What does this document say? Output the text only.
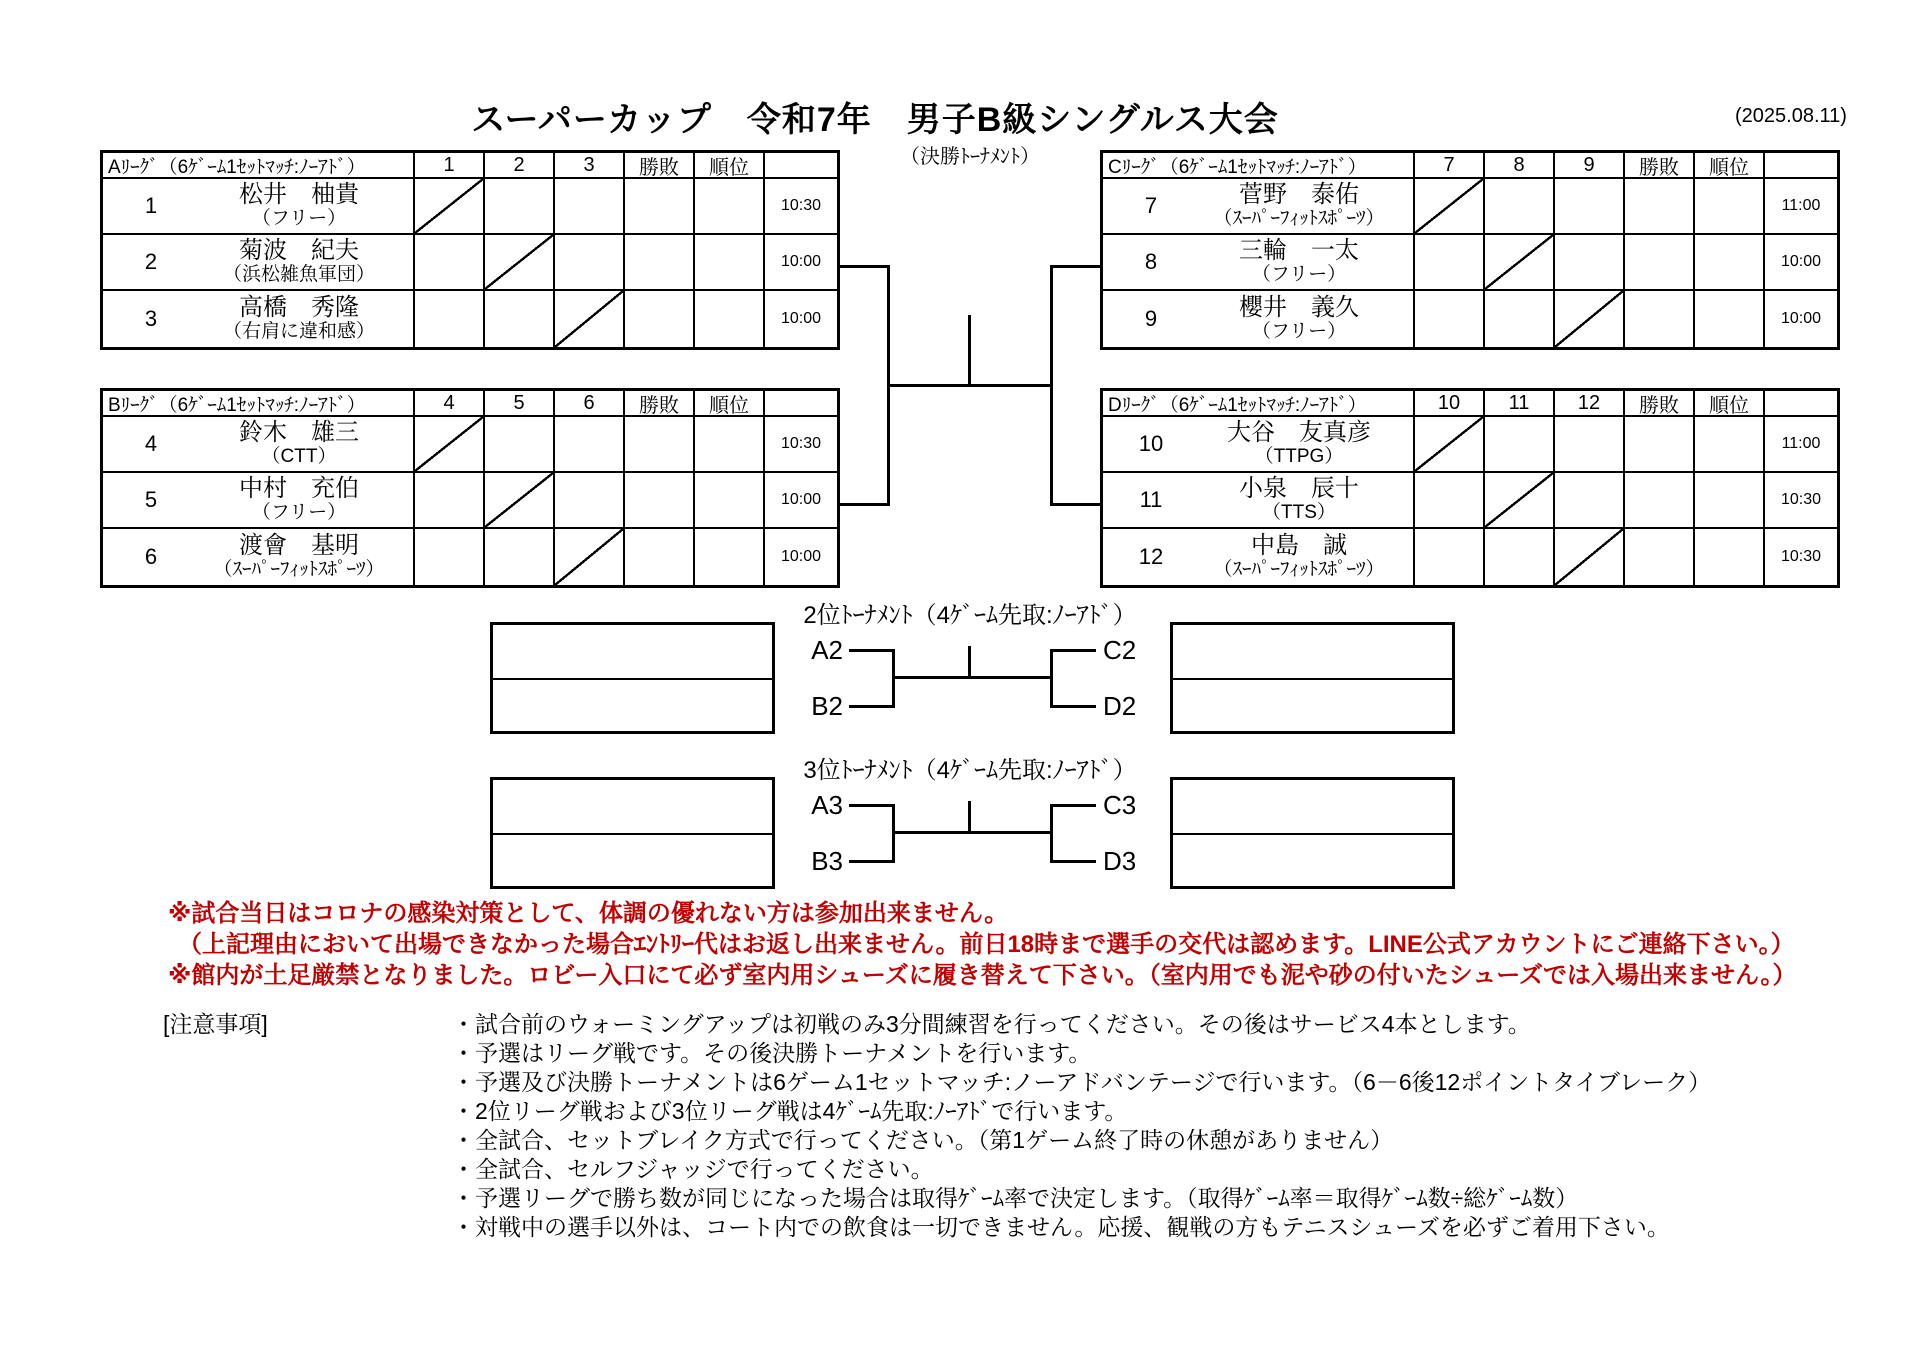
スーパーカップ　令和7年　男子B級シングルス大会	(2025.08.11)
（決勝ﾄｰﾅﾒﾝﾄ）
Aﾘｰｸﾞ（6ｹﾞｰﾑ1ｾｯﾄﾏｯﾁ:ﾉｰｱﾄﾞ）	1	2	3	勝敗	順位
1	松井　柚貴
（フリー）
10:30
2	菊波　紀夫
（浜松雑魚軍団）
10:00
3	高橋　秀隆
（右肩に違和感）
10:00
Bﾘｰｸﾞ（6ｹﾞｰﾑ1ｾｯﾄﾏｯﾁ:ﾉｰｱﾄﾞ）	4	5	6	勝敗	順位
4	鈴木　雄三
（CTT）
10:30
5	中村　充伯
（フリー）
10:00
6	渡會　基明
（ｽｰﾊﾟｰﾌｨｯﾄｽﾎﾟｰﾂ）
10:00
Cﾘｰｸﾞ（6ｹﾞｰﾑ1ｾｯﾄﾏｯﾁ:ﾉｰｱﾄﾞ）	7	8	9	勝敗	順位
7	菅野　泰佑
（ｽｰﾊﾟｰﾌｨｯﾄｽﾎﾟｰﾂ）
11:00
8	三輪　一太
（フリー）
10:00
9	櫻井　義久
（フリー）
10:00
Dﾘｰｸﾞ（6ｹﾞｰﾑ1ｾｯﾄﾏｯﾁ:ﾉｰｱﾄﾞ）	10	11	12	勝敗	順位
10	大谷　友真彦
（TTPG）
11:00
11	小泉　辰十
（TTS）
10:30
12	中島　誠
（ｽｰﾊﾟｰﾌｨｯﾄｽﾎﾟｰﾂ）
10:30
2位ﾄｰﾅﾒﾝﾄ（4ｹﾞｰﾑ先取:ﾉｰｱﾄﾞ）
A2
B2
C2
D2
3位ﾄｰﾅﾒﾝﾄ（4ｹﾞｰﾑ先取:ﾉｰｱﾄﾞ）
A3
B3
C3
D3
※試合当日はコロナの感染対策として、体調の優れない方は参加出来ません。
（上記理由において出場できなかった場合ｴﾝﾄﾘｰ代はお返し出来ません。前日18時まで選手の交代は認めます。LINE公式アカウントにご連絡下さい。）
※館内が土足厳禁となりました。ロビー入口にて必ず室内用シューズに履き替えて下さい。（室内用でも泥や砂の付いたシューズでは入場出来ません。）
[注意事項]	・試合前のウォーミングアップは初戦のみ3分間練習を行ってください。その後はサービス4本とします。
・予選はリーグ戦です。その後決勝トーナメントを行います。
・予選及び決勝トーナメントは6ゲーム1セットマッチ:ノーアドバンテージで行います。（6－6後12ポイントタイブレーク）
・2位リーグ戦および3位リーグ戦は4ｹﾞｰﾑ先取:ﾉｰｱﾄﾞで行います。
・全試合、セットブレイク方式で行ってください。（第1ゲーム終了時の休憩がありません）
・全試合、セルフジャッジで行ってください。
・予選リーグで勝ち数が同じになった場合は取得ｹﾞｰﾑ率で決定します。（取得ｹﾞｰﾑ率＝取得ｹﾞｰﾑ数÷総ｹﾞｰﾑ数）
・対戦中の選手以外は、コート内での飲食は一切できません。応援、観戦の方もテニスシューズを必ずご着用下さい。
